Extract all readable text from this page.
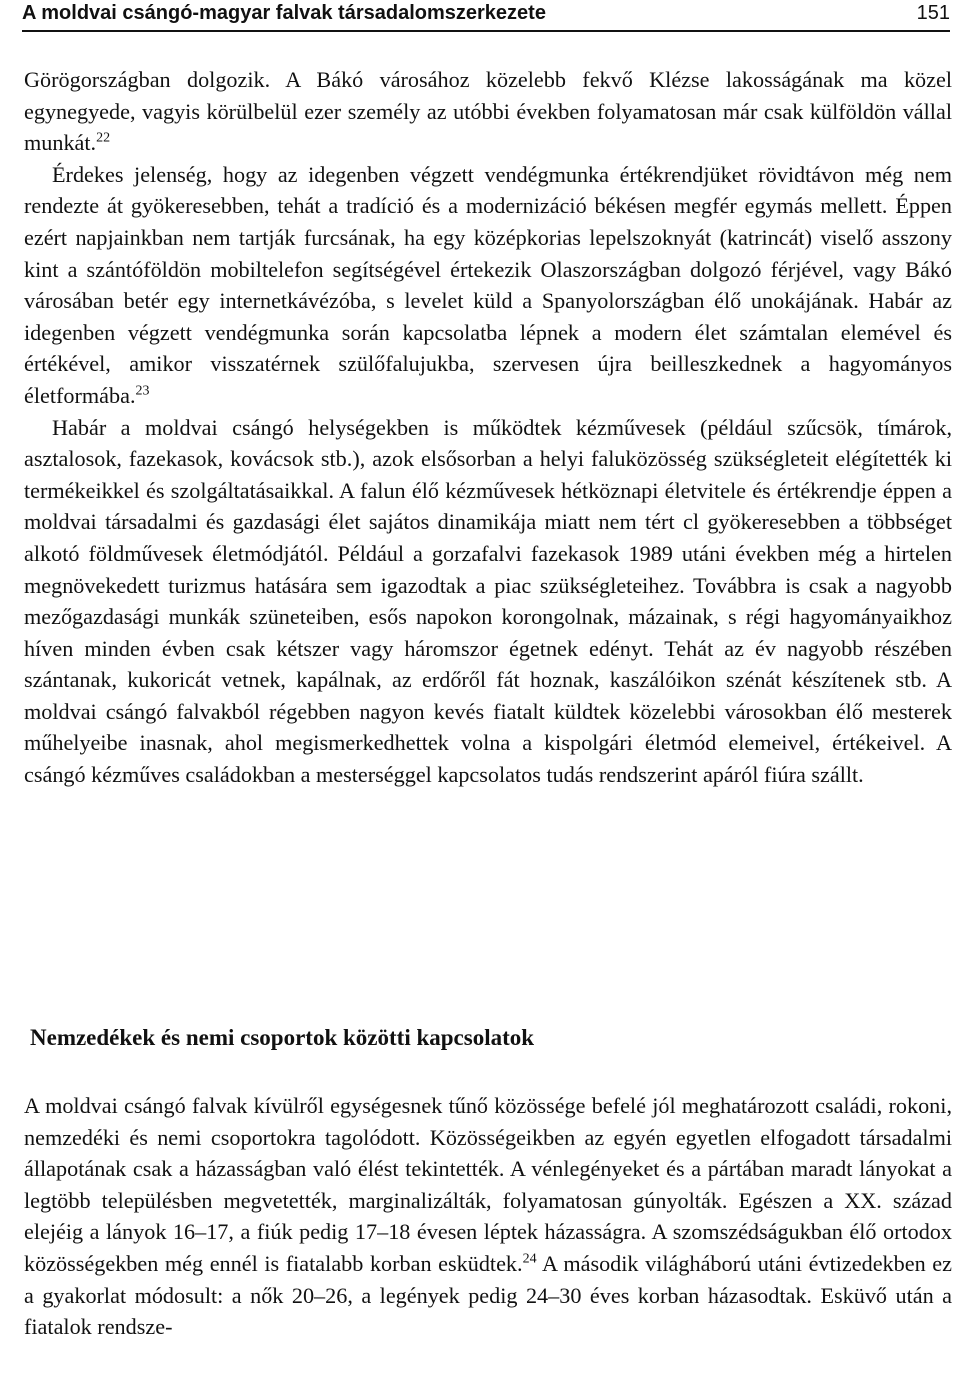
A moldvai csángó-magyar falvak társadalomszerkezete	151

Görögországban dolgozik. A Bákó városához közelebb fekvő Klézse lakosságának ma közel egynegyede, vagyis körülbelül ezer személy az utóbbi években folyamatosan már csak külföldön vállal munkát.$^{22}$

Érdekes jelenség, hogy az idegenben végzett vendégmunka értékrendjüket rövidtávon még nem rendezte át gyökeresebben, tehát a tradíció és a modernizáció békésen megfér egymás mellett. Éppen ezért napjainkban nem tartják furcsának, ha egy középkorias lepelszoknyát (katrincát) viselő asszony kint a szántóföldön mobiltelefon segítségével értekezik Olaszországban dolgozó férjével, vagy Bákó városában betér egy internetkávézóba, s levelet küld a Spanyolországban élő unokájának. Habár az idegenben végzett vendégmunka során kapcsolatba lépnek a modern élet számtalan elemével és értékével, amikor visszatérnek szülőfalujukba, szervesen újra beilleszkednek a hagyományos életformába.$^{23}$

Habár a moldvai csángó helységekben is működtek kézművesek (például szűcsök, tímárok, asztalosok, fazekasok, kovácsok stb.), azok elsősorban a helyi faluközösség szükségleteit elégítették ki termékeikkel és szolgáltatásaikkal. A falun élő kézművesek hétköznapi életvitele és értékrendje éppen a moldvai társadalmi és gazdasági élet sajátos dinamikája miatt nem tért cl gyökeresebben a többséget alkotó földművesek életmódjától. Például a gorzafalvi fazekasok 1989 utáni években még a hirtelen megnövekedett turizmus hatására sem igazodtak a piac szükségleteihez. Továbbra is csak a nagyobb mezőgazdasági munkák szüneteiben, esős napokon korongolnak, mázainak, s régi hagyományaikhoz híven minden évben csak kétszer vagy háromszor égetnek edényt. Tehát az év nagyobb részében szántanak, kukoricát vetnek, kapálnak, az erdőről fát hoznak, kaszálóikon szénát készítenek stb. A moldvai csángó falvakból régebben nagyon kevés fiatalt küldtek közelebbi városokban élő mesterek műhelyeibe inasnak, ahol megismerkedhettek volna a kispolgári életmód elemeivel, értékeivel. A csángó kézműves családokban a mesterséggel kapcsolatos tudás rendszerint apáról fiúra szállt.

Nemzedékek és nemi csoportok közötti kapcsolatok

A moldvai csángó falvak kívülről egységesnek tűnő közössége befelé jól meghatározott családi, rokoni, nemzedéki és nemi csoportokra tagolódott. Közösségeikben az egyén egyetlen elfogadott társadalmi állapotának csak a házasságban való élést tekintették. A vénlegényeket és a pártában maradt lányokat a legtöbb településben megvetették, marginalizálták, folyamatosan gúnyolták. Egészen a XX. század elejéig a lányok 16–17, a fiúk pedig 17–18 évesen léptek házasságra. A szomszédságukban élő ortodox közösségekben még ennél is fiatalabb korban esküdtek.$^{24}$ A második világháború utáni évtizedekben ez a gyakorlat módosult: a nők 20–26, a legények pedig 24–30 éves korban házasodtak. Esküvő után a fiatalok rendsze-
